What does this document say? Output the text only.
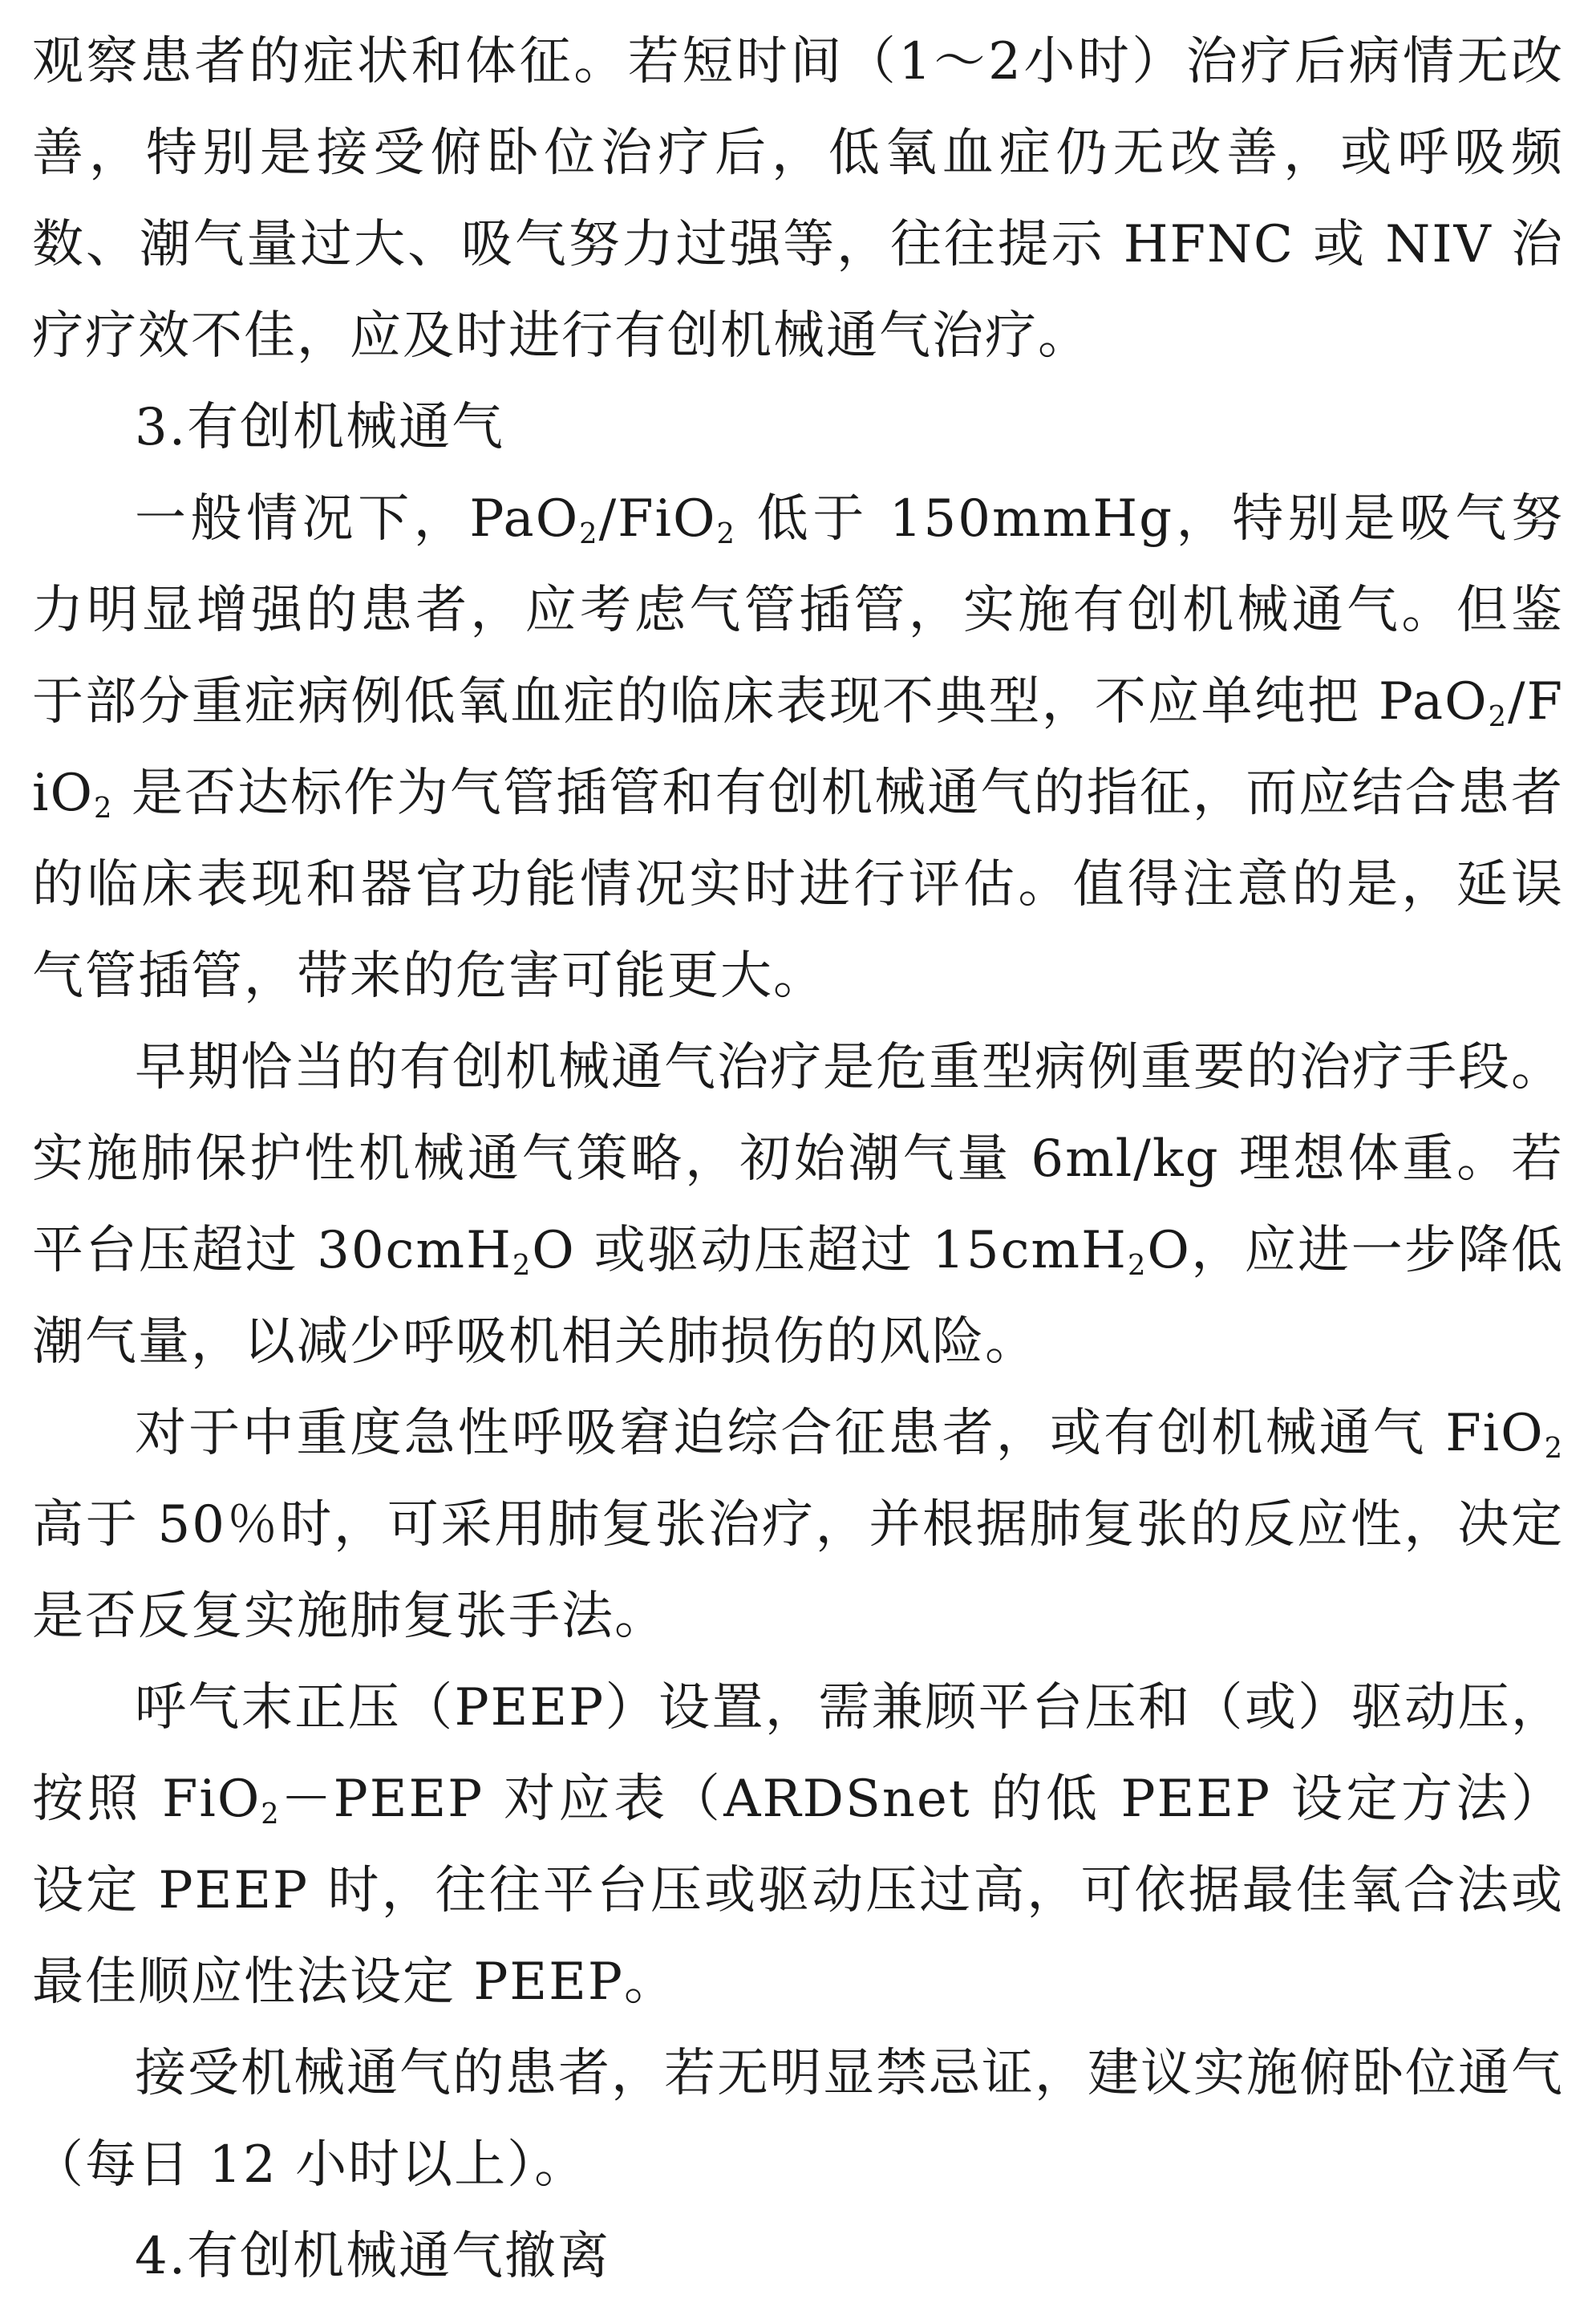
观察患者的症状和体征。若短时间（1～2小时）治疗后病情无改善，特别是接受俯卧位治疗后，低氧血症仍无改善，或呼吸频数、潮气量过大、吸气努力过强等，往往提示 HFNC 或 NIV 治疗疗效不佳，应及时进行有创机械通气治疗。

3.有创机械通气

一般情况下，PaO$_2$/FiO$_2$ 低于 150mmHg，特别是吸气努力明显增强的患者，应考虑气管插管，实施有创机械通气。但鉴于部分重症病例低氧血症的临床表现不典型，不应单纯把 PaO$_2$/FiO$_2$ 是否达标作为气管插管和有创机械通气的指征，而应结合患者的临床表现和器官功能情况实时进行评估。值得注意的是，延误气管插管，带来的危害可能更大。

早期恰当的有创机械通气治疗是危重型病例重要的治疗手段。实施肺保护性机械通气策略，初始潮气量 6ml/kg 理想体重。若平台压超过 30cmH$_2$O 或驱动压超过 15cmH$_2$O，应进一步降低潮气量，以减少呼吸机相关肺损伤的风险。

对于中重度急性呼吸窘迫综合征患者，或有创机械通气 FiO$_2$ 高于 50％时，可采用肺复张治疗，并根据肺复张的反应性，决定是否反复实施肺复张手法。

呼气末正压（PEEP）设置，需兼顾平台压和（或）驱动压，按照 FiO$_2$－PEEP 对应表（ARDSnet 的低 PEEP 设定方法）设定 PEEP 时，往往平台压或驱动压过高，可依据最佳氧合法或最佳顺应性法设定 PEEP。

接受机械通气的患者，若无明显禁忌证，建议实施俯卧位通气（每日 12 小时以上）。

4.有创机械通气撤离
